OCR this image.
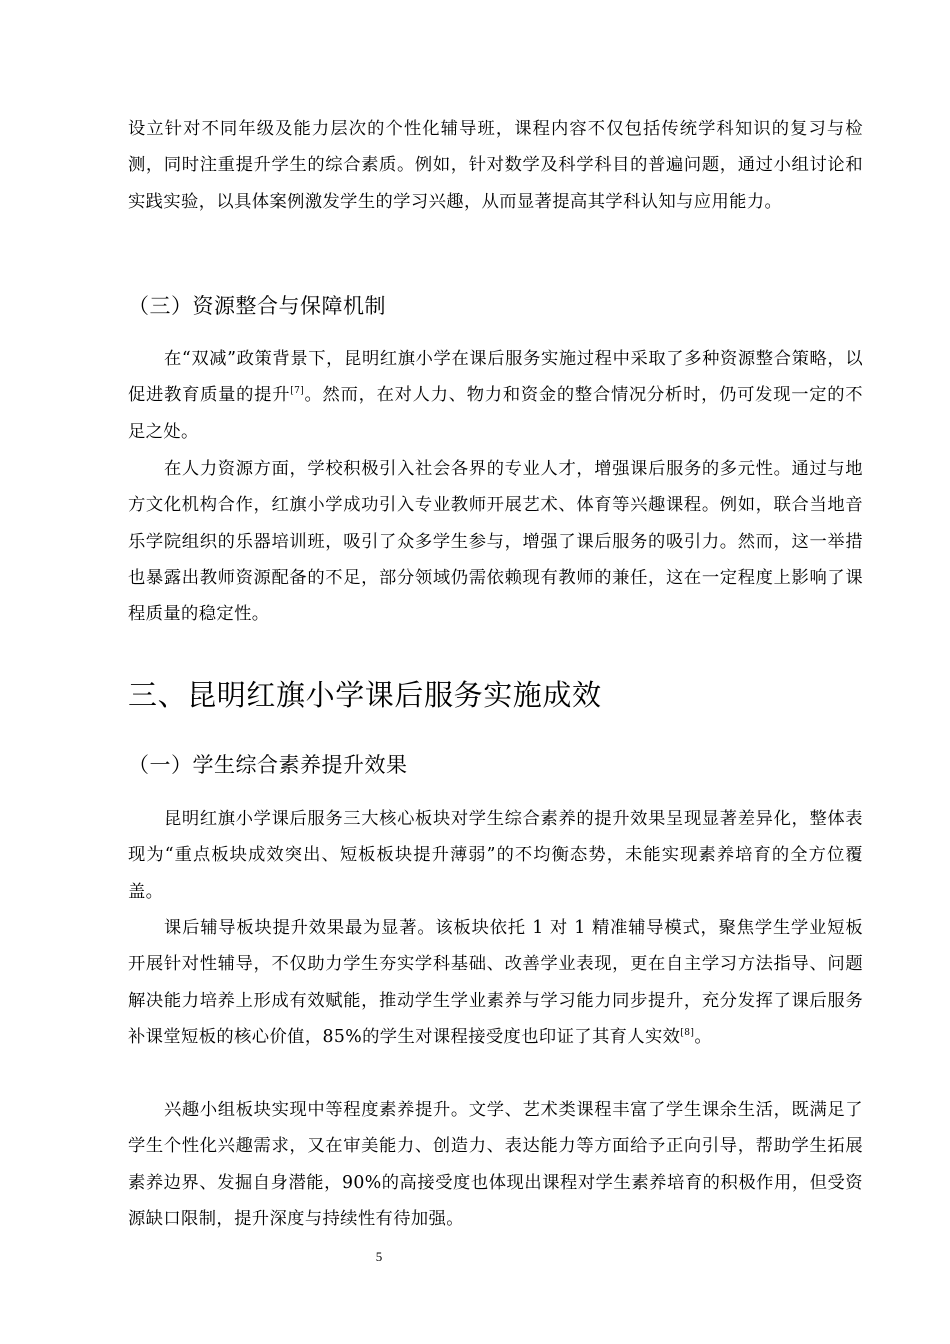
设立针对不同年级及能力层次的个性化辅导班，课程内容不仅包括传统学科知识的复习与检测，同时注重提升学生的综合素质。例如，针对数学及科学科目的普遍问题，通过小组讨论和实践实验，以具体案例激发学生的学习兴趣，从而显著提高其学科认知与应用能力。

（三）资源整合与保障机制

在“双减”政策背景下，昆明红旗小学在课后服务实施过程中采取了多种资源整合策略，以促进教育质量的提升[7]。然而，在对人力、物力和资金的整合情况分析时，仍可发现一定的不足之处。

在人力资源方面，学校积极引入社会各界的专业人才，增强课后服务的多元性。通过与地方文化机构合作，红旗小学成功引入专业教师开展艺术、体育等兴趣课程。例如，联合当地音乐学院组织的乐器培训班，吸引了众多学生参与，增强了课后服务的吸引力。然而，这一举措也暴露出教师资源配备的不足，部分领域仍需依赖现有教师的兼任，这在一定程度上影响了课程质量的稳定性。

三、昆明红旗小学课后服务实施成效
（一）学生综合素养提升效果

昆明红旗小学课后服务三大核心板块对学生综合素养的提升效果呈现显著差异化，整体表现为“重点板块成效突出、短板板块提升薄弱”的不均衡态势，未能实现素养培育的全方位覆盖。

课后辅导板块提升效果最为显著。该板块依托 1 对 1 精准辅导模式，聚焦学生学业短板开展针对性辅导，不仅助力学生夯实学科基础、改善学业表现，更在自主学习方法指导、问题解决能力培养上形成有效赋能，推动学生学业素养与学习能力同步提升，充分发挥了课后服务补课堂短板的核心价值，85%的学生对课程接受度也印证了其育人实效[8]。

兴趣小组板块实现中等程度素养提升。文学、艺术类课程丰富了学生课余生活，既满足了学生个性化兴趣需求，又在审美能力、创造力、表达能力等方面给予正向引导，帮助学生拓展素养边界、发掘自身潜能，90%的高接受度也体现出课程对学生素养培育的积极作用，但受资源缺口限制，提升深度与持续性有待加强。

5
